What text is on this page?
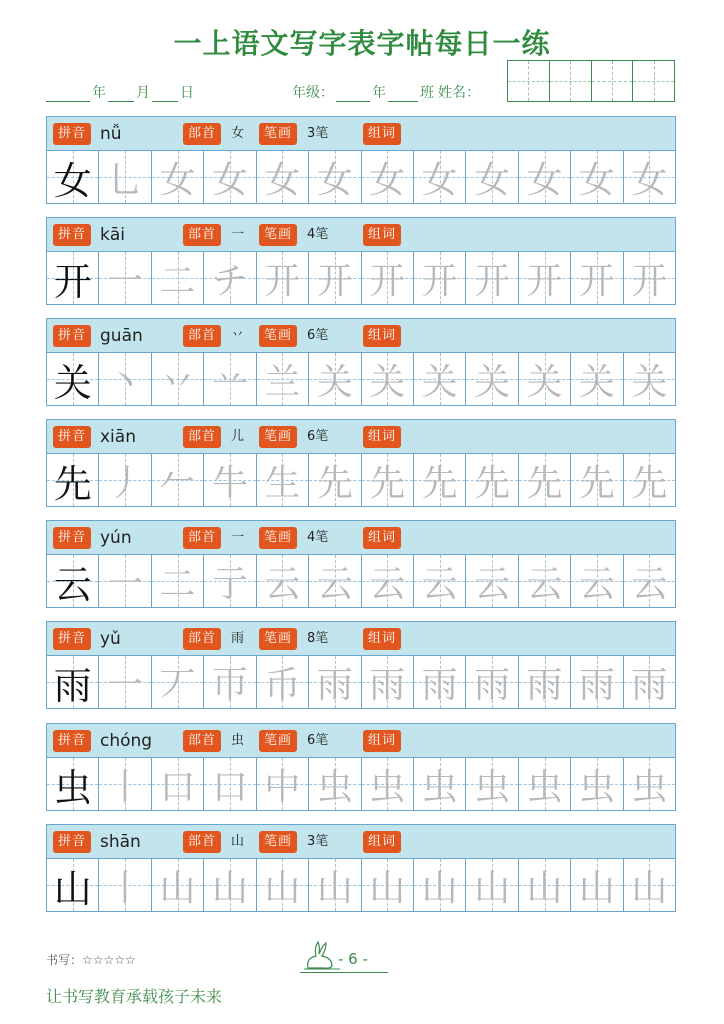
一上语文写字表字帖每日一练
年 月 日	年级：	年 班 姓名：
拼音 nǚ	部首	女	笔画	3笔	组词
女 乚 女 女 女 女 女 女 女 女 女 女
拼音 kāi	部首	一	笔画	4笔	组词
开 一 二 チ 开 开 开 开 开 开 开 开
拼音 guān	部首	丷	笔画	6笔	组词
关 丶 丷 䒑 兰 关 关 关 关 关 关 关
拼音 xiān	部首	儿	笔画	6笔	组词
先 丿 𠂉 牛 生 先 先 先 先 先 先 先
拼音 yún	部首	一	笔画	4笔	组词
云 一 二 亍 云 云 云 云 云 云 云 云
拼音 yǔ	部首	雨	笔画	8笔	组词
雨 一 丆 帀 币 雨 雨 雨 雨 雨 雨 雨
拼音 chóng	部首	虫	笔画	6笔	组词
虫 丨 口 口 中 虫 虫 虫 虫 虫 虫 虫
拼音 shān	部首	山	笔画	3笔	组词
山 丨 山 山 山 山 山 山 山 山 山 山
- 6 -
书写：☆☆☆☆☆
让书写教育承载孩子未来
